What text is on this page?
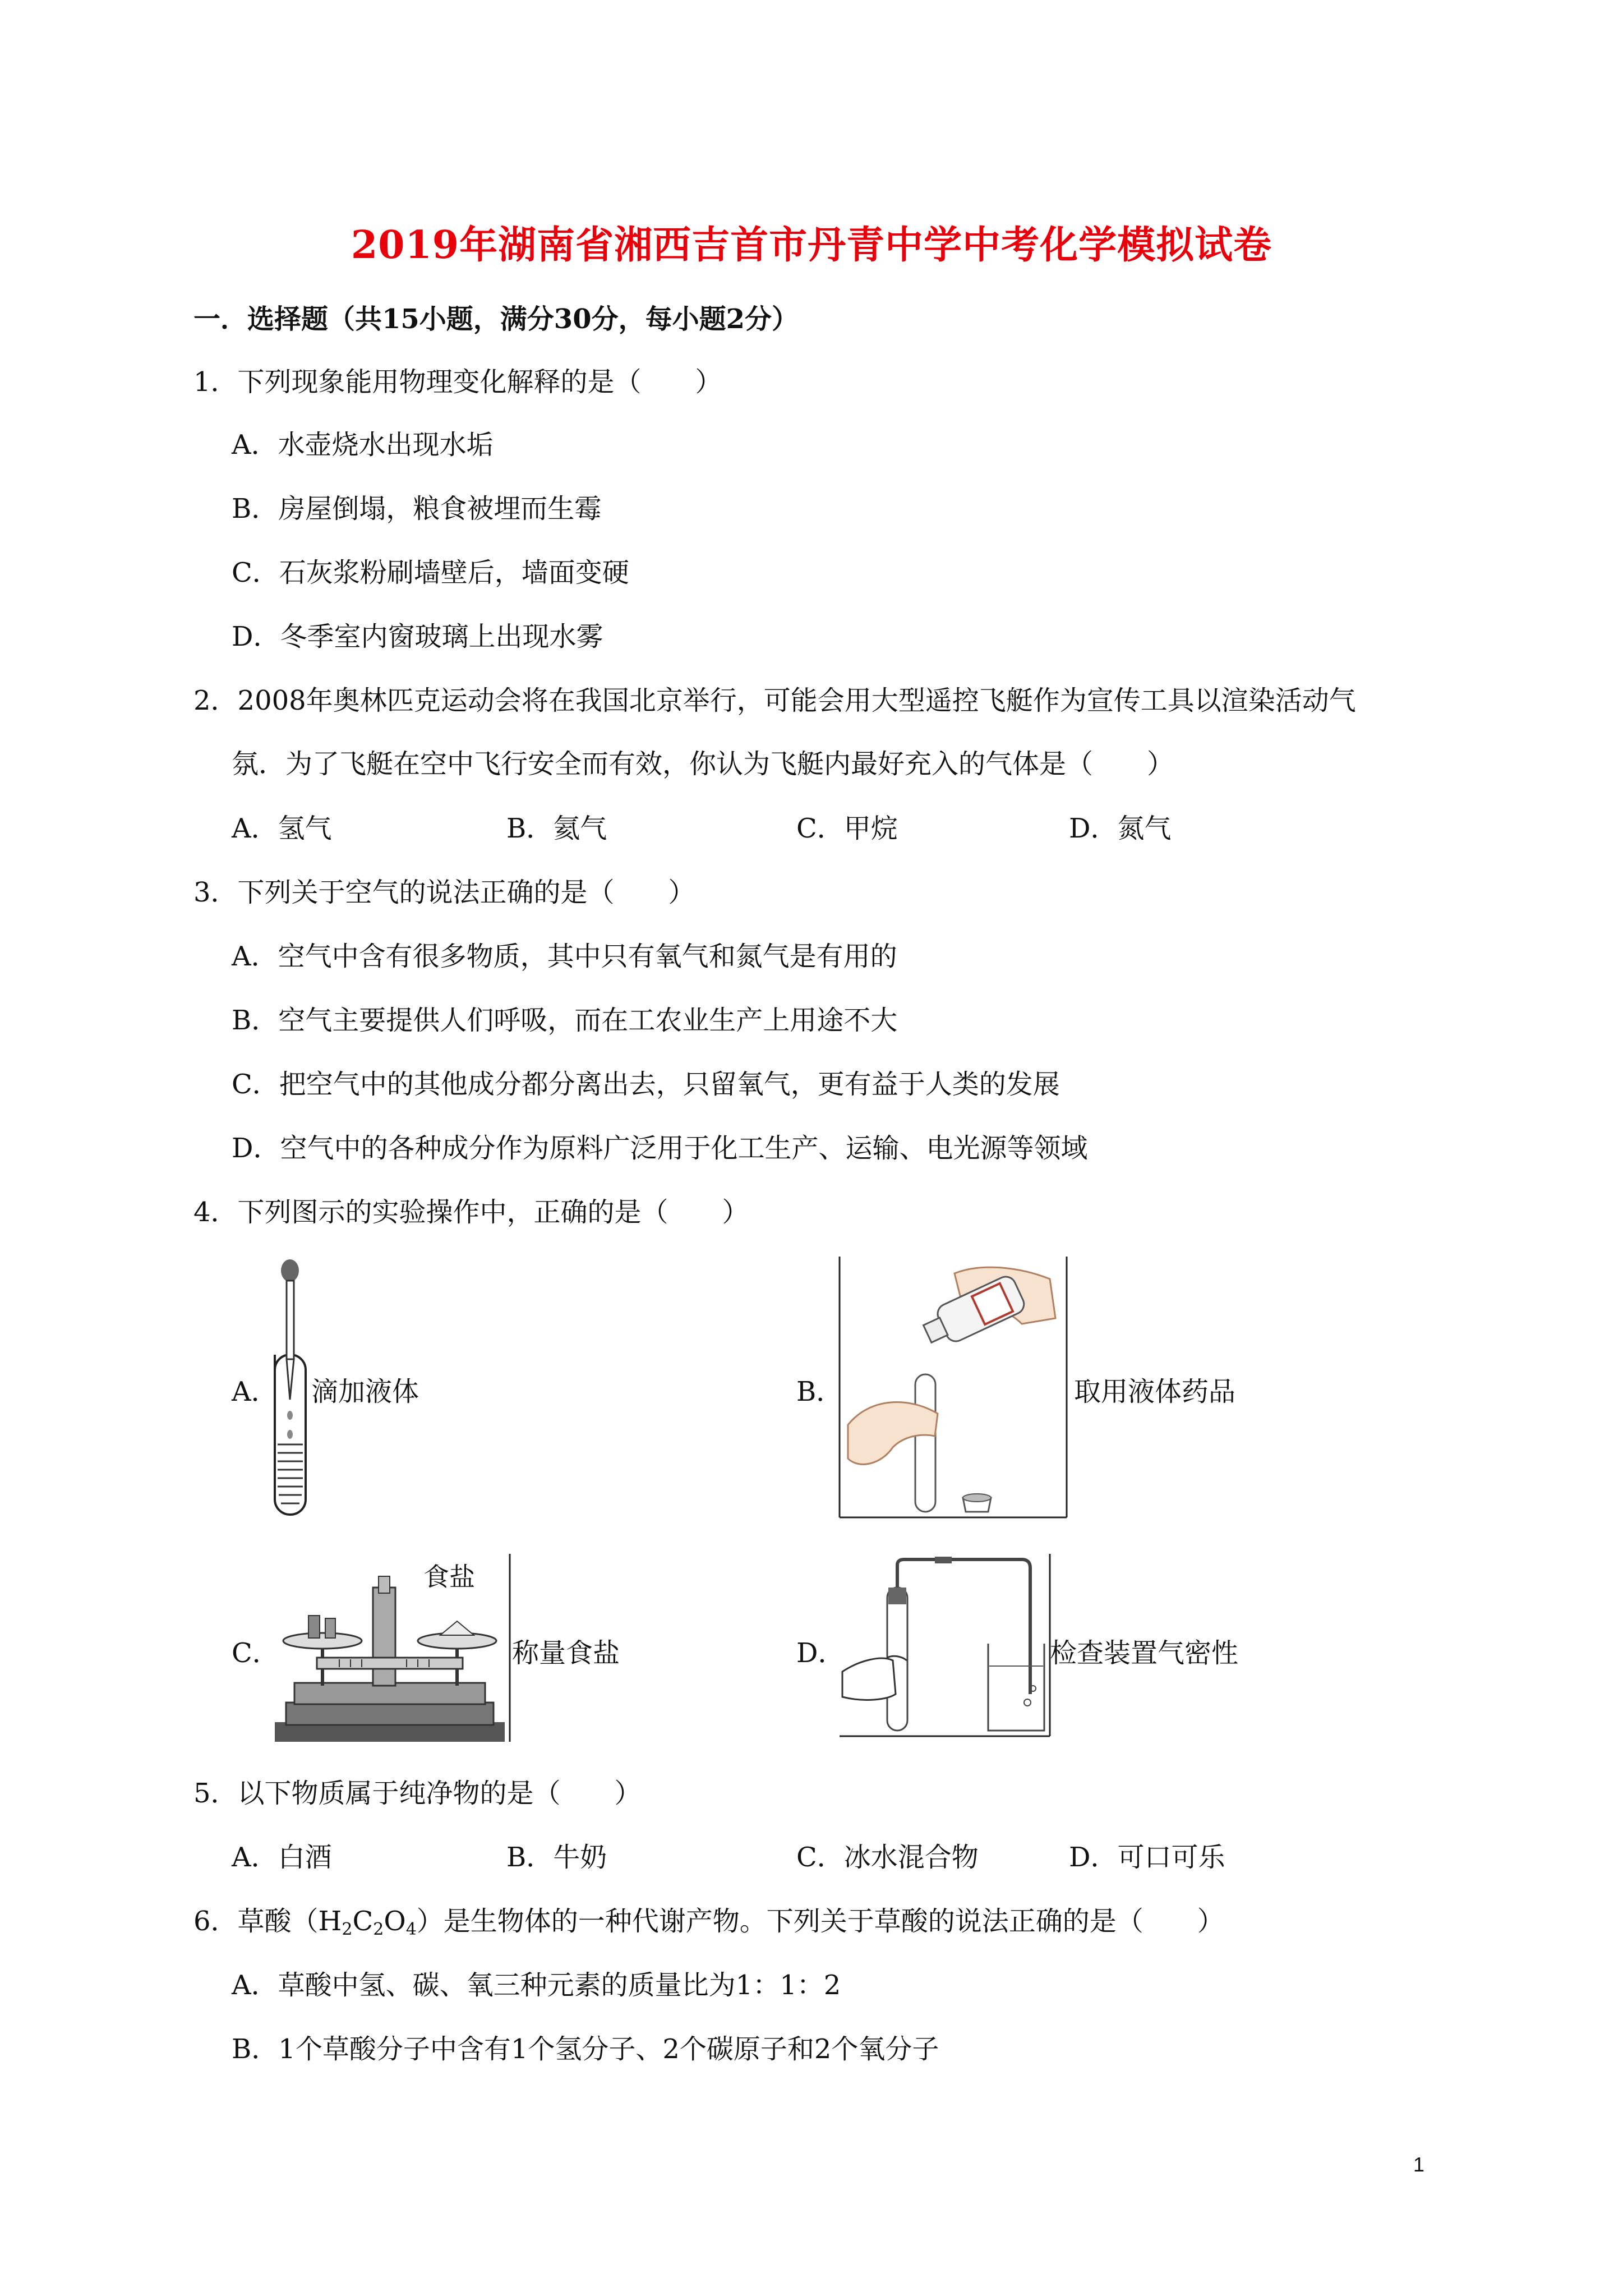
2019年湖南省湘西吉首市丹青中学中考化学模拟试卷
一．选择题（共15小题，满分30分，每小题2分）
1．下列现象能用物理变化解释的是（　　）
A．水壶烧水出现水垢
B．房屋倒塌，粮食被埋而生霉
C．石灰浆粉刷墙壁后，墙面变硬
D．冬季室内窗玻璃上出现水雾
2．2008年奥林匹克运动会将在我国北京举行，可能会用大型遥控飞艇作为宣传工具以渲染活动气
氛．为了飞艇在空中飞行安全而有效，你认为飞艇内最好充入的气体是（　　）
A．氢气	B．氦气	C．甲烷	D．氮气
3．下列关于空气的说法正确的是（　　）
A．空气中含有很多物质，其中只有氧气和氮气是有用的
B．空气主要提供人们呼吸，而在工农业生产上用途不大
C．把空气中的其他成分都分离出去，只留氧气，更有益于人类的发展
D．空气中的各种成分作为原料广泛用于化工生产、运输、电光源等领域
4．下列图示的实验操作中，正确的是（　　）
A． 滴加液体	B．	取用液体药品
C．
食盐
称量食盐	D．	检查装置气密性
5．以下物质属于纯净物的是（　　）
A．白酒	B．牛奶	C．冰水混合物	D．可口可乐
6．草酸$(H_2C_2O_4)$是生物体的一种代谢产物。下列关于草酸的说法正确的是（　　）
A．草酸中氢、碳、氧三种元素的质量比为1：1：2
B．1个草酸分子中含有1个氢分子、2个碳原子和2个氧分子
1
